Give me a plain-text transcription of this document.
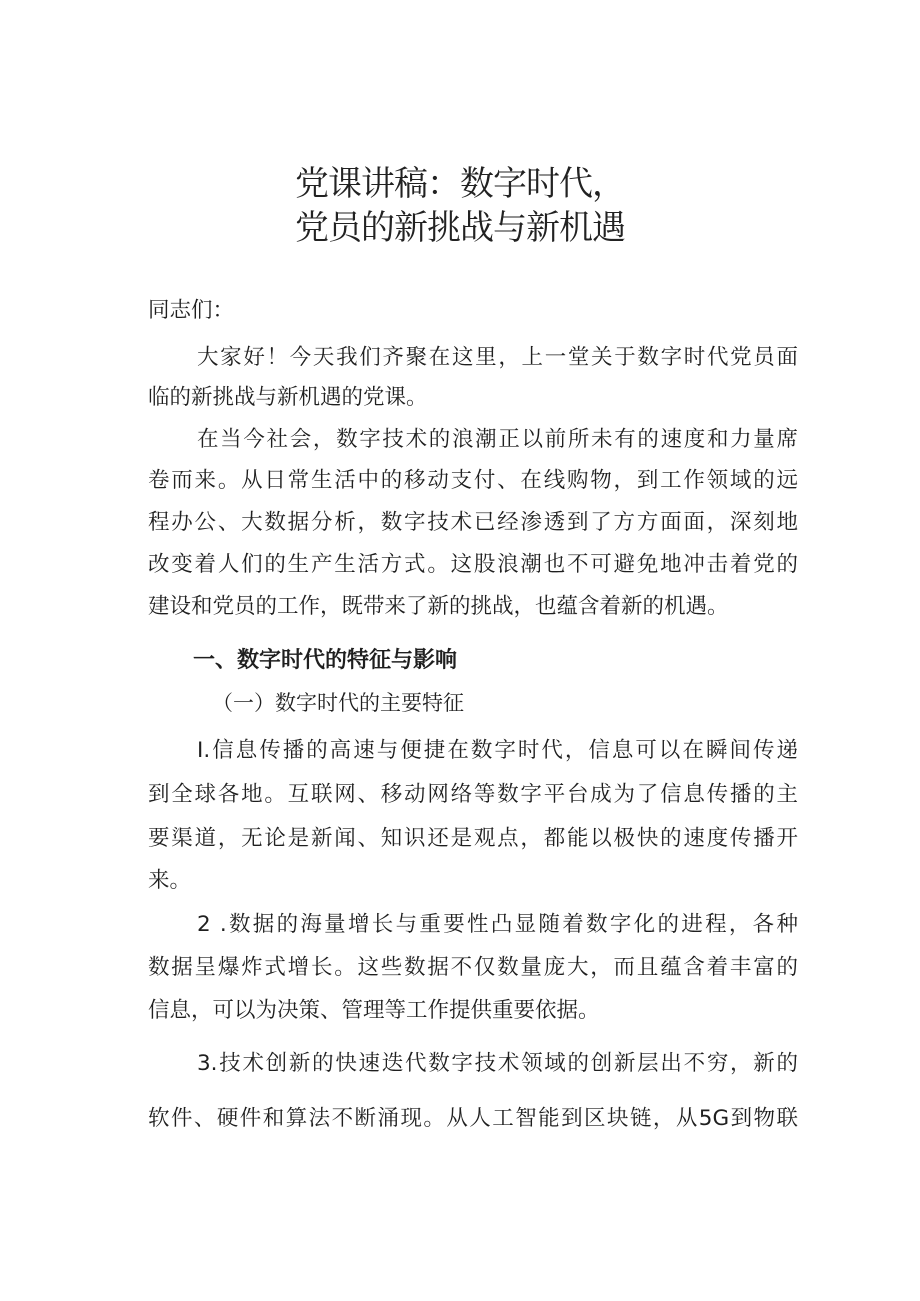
党课讲稿：数字时代，
党员的新挑战与新机遇
同志们：
大家好！今天我们齐聚在这里，上一堂关于数字时代党员面
临的新挑战与新机遇的党课。
在当今社会，数字技术的浪潮正以前所未有的速度和力量席
卷而来。从日常生活中的移动支付、在线购物，到工作领域的远
程办公、大数据分析，数字技术已经渗透到了方方面面，深刻地
改变着人们的生产生活方式。这股浪潮也不可避免地冲击着党的
建设和党员的工作，既带来了新的挑战，也蕴含着新的机遇。
一、数字时代的特征与影响
（一）数字时代的主要特征
I.信息传播的高速与便捷在数字时代，信息可以在瞬间传递
到全球各地。互联网、移动网络等数字平台成为了信息传播的主
要渠道，无论是新闻、知识还是观点，都能以极快的速度传播开
来。
2 .数据的海量增长与重要性凸显随着数字化的进程，各种
数据呈爆炸式增长。这些数据不仅数量庞大，而且蕴含着丰富的
信息，可以为决策、管理等工作提供重要依据。
3.技术创新的快速迭代数字技术领域的创新层出不穷，新的
软件、硬件和算法不断涌现。从人工智能到区块链，从5G到物联
